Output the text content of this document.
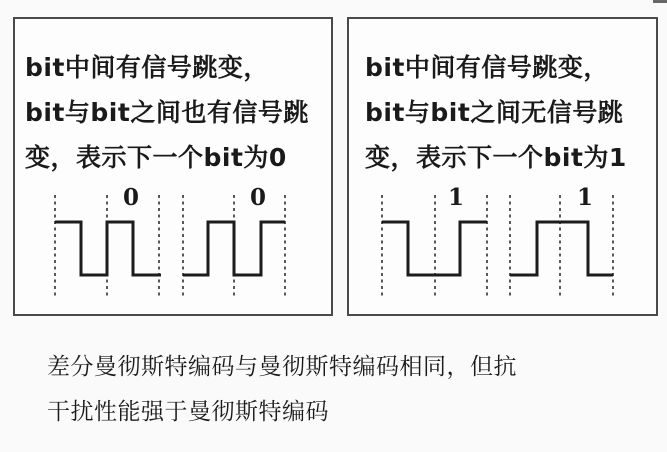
bit中间有信号跳变，
bit与bit之间也有信号跳
变，表示下一个bit为0
bit中间有信号跳变，
bit与bit之间无信号跳
变，表示下一个bit为1
0	0	1	1
差分曼彻斯特编码与曼彻斯特编码相同，但抗
干扰性能强于曼彻斯特编码
